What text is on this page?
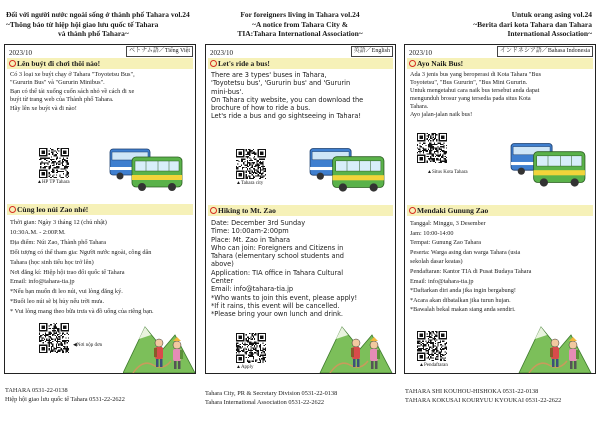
Đối với người nước ngoài sống ở thành phố Tahara vol.24
~Thông báo từ hiệp hội giao lưu quốc tế Tahara
và thành phố Tahara~
2023/10	ベトナム語／Tiếng Việt
Lên buýt đi chơi thôi nào!

Có 3 loại xe buýt chạy ở Tahara "Toyotetsu Bus",

"Gururin Bus" và "Gururin Minibus".

Bạn có thể tải xuống cuốn sách nhỏ về cách đi xe

buýt từ trang web của Thành phố Tahara.

Hãy lên xe buýt và đi nào!

▲HP TP Tahara
Cùng leo núi Zao nhé!

Thời gian: Ngày 3 tháng 12 (chủ nhật)

10:30A.M. - 2:00P.M.

Địa điểm: Núi Zao, Thành phố Tahara

Đối tượng có thể tham gia: Người nước ngoài, công dân

Tahara (học sinh tiểu học trở lên)

Nơi đăng kí: Hiệp hội trao đổi quốc tế Tahara

Email: info@tahara-tia.jp

*Nếu bạn muốn đi leo núi, vui lòng đăng ký.

*Buổi leo núi sẽ bị hủy nếu trời mưa.

* Vui lòng mang theo bữa trưa và đồ uống của riêng bạn.

◀Nơi nộp đơn
TAHARA 0531-22-0138
Hiệp hội giao lưu quốc tế Tahara 0531-22-2622
For foreigners living in Tahara vol.24
~A notice from Tahara City &
TIA:Tahara International Association~
2023/10	英語／English
Let's ride a bus!

There are 3 types' buses in Tahara,

'Toyotetsu bus', 'Gururin bus' and 'Gururin

mini-bus'.

On Tahara city website, you can download the

brochure of how to ride a bus.

Let's ride a bus and go sightseeing in Tahara!

▲Tahara city
Hiking to Mt. Zao

Date: December 3rd Sunday

Time: 10:00am-2:00pm

Place: Mt. Zao in Tahara

Who can join: Foreigners and Citizens in

Tahara (elementary school students and

above)

Application: TIA office in Tahara Cultural

Center

Email: info@tahara-tia.jp

*Who wants to join this event, please apply!

*If it rains, this event will be cancelled.

*Please bring your own lunch and drink.

▲Apply
Tahara City, PR & Secretary Division 0531-22-0138
Tahara International Association 0531-22-2622
Untuk orang asing vol.24
~Berita dari kota Tahara dan Tahara
International Association~
2023/10	インドネシア語／Bahasa Indonesia
Ayo Naik Bus!

Ada 3 jenis bus yang beroperasi di Kota Tahara "Bus

Toyotetsu", "Bus Gururin", "Bus Mini Gururin.

Untuk mengetahui cara naik bus tersebut anda dapat

mengunduh brosur yang tersedia pada situs Kota

Tahara.

Ayo jalan-jalan naik bus!

▲Situs Kota Tahara
Mendaki Gunung Zao

Tanggal: Minggu, 3 Desember

Jam: 10:00-14:00

Tempat: Gunung Zao Tahara

Peserta: Warga asing dan warga Tahara (usia

sekolah dasar keatas)

Pendaftaran: Kantor TIA di Pusat Budaya Tahara

Email: info@tahara-tia.jp

*Daftarkan diri anda jika ingin bergabung!

*Acara akan dibatalkan jika turun hujan.

*Bawalah bekal makan siang anda sendiri.

▲Pendaftaran
TAHARA SHI KOUHOU-HISHOKA 0531-22-0138
TAHARA KOKUSAI KOURYUU KYOUKAI 0531-22-2622
